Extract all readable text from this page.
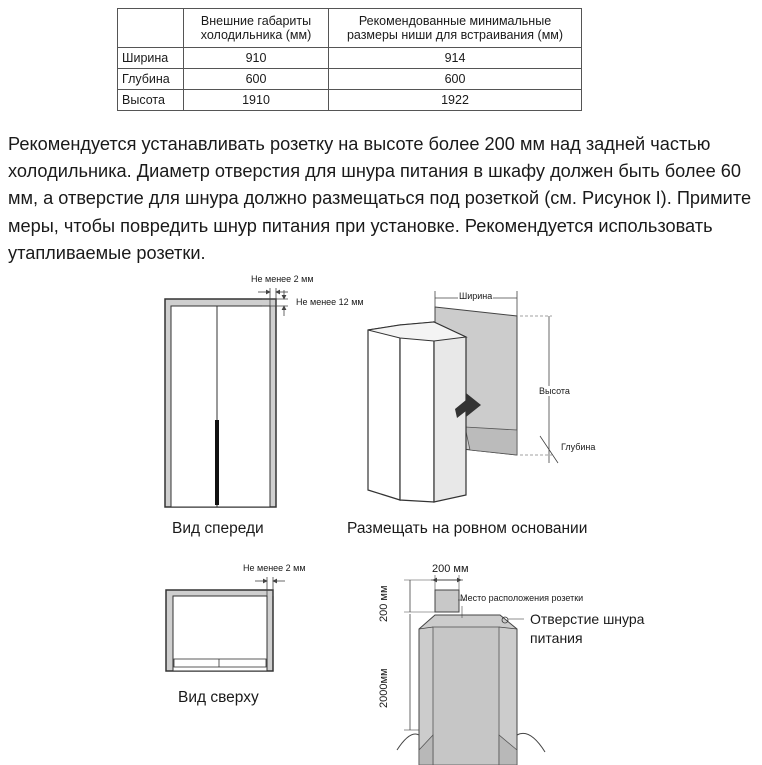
	Внешние габариты
холодильника (мм)	Рекомендованные минимальные
размеры ниши для встраивания (мм)
Ширина	910	914
Глубина	600	600
Высота	1910	1922

Рекомендуется устанавливать розетку на высоте более 200 мм над задней частью холодильника. Диаметр отверстия для шнура питания в шкафу должен быть более 60 мм, а отверстие для шнура должно размещаться под розеткой (см. Рисунок I). Примите меры, чтобы повредить шнур питания при установке. Рекомендуется использовать утапливаемые розетки.

Не менее 2 мм
Не менее 12 мм
Вид спереди
Ширина
Высота
Глубина
Размещать на ровном основании
Не менее 2 мм
Вид сверху
200 мм
200 мм
2000мм
Место расположения розетки
Отверстие шнура питания
